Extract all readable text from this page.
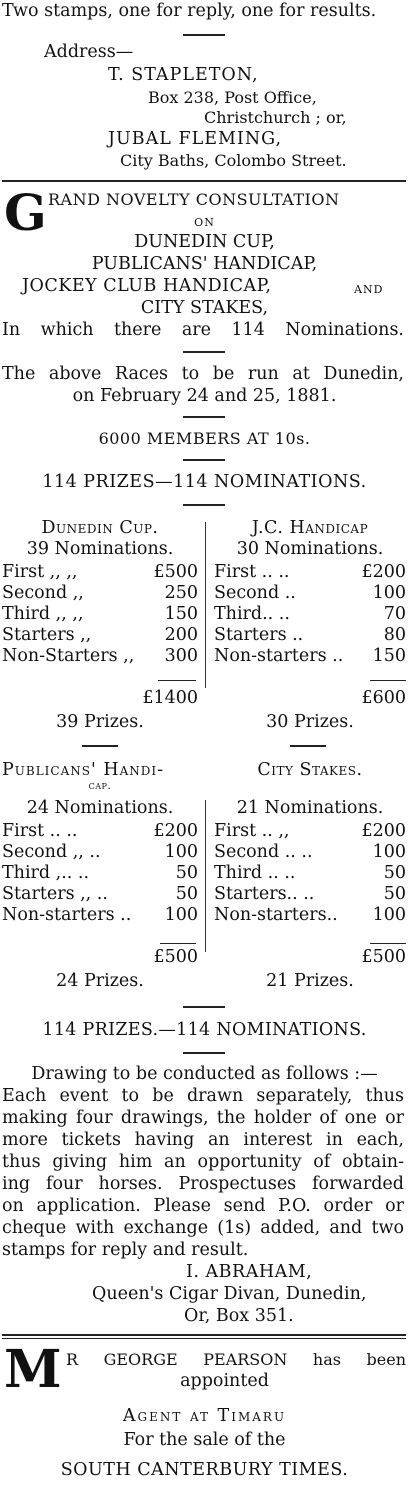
Two stamps, one for reply, one for results.
Address—
T. STAPLETON,
Box 238, Post Office,
Christchurch ; or,
JUBAL FLEMING,
City Baths, Colombo Street.
G RAND NOVELTY CONSULTATION
ON
DUNEDIN CUP,
PUBLICANS' HANDICAP,
JOCKEY CLUB HANDICAP,	AND
CITY STAKES,
In which there are 114 Nominations.
The above Races to be run at Dunedin,
on February 24 and 25, 1881.
6000 MEMBERS AT 10s.
114 PRIZES—114 NOMINATIONS.
Dunedin Cup.
39 Nominations.
First ,, ,,	£500
Second ,,	250
Third ,, ,,	150
Starters ,,	200
Non-Starters ,, 300
£1400
39 Prizes.
J.C. Handicap
30 Nominations.
First .. ..	£200
Second ..	100
Third.. ..	70
Starters ..	80
Non-starters .. 150
£600
30 Prizes.
Publicans' Handi-
cap.
24 Nominations.
First .. ..	£200
Second ,, ..	100
Third ,.. ..	50
Starters ,, ..	50
Non-starters .. 100
£500
24 Prizes.
City Stakes.
21 Nominations.
First .. ,,	£200
Second .. ..	100
Third .. ..	50
Starters.. ..	50
Non-starters.. 100
£500
21 Prizes.
114 PRIZES.—114 NOMINATIONS.
Drawing to be conducted as follows :—
Each event to be drawn separately, thus
making four drawings, the holder of one or
more tickets having an interest in each,
thus giving him an opportunity of obtain-
ing four horses. Prospectuses forwarded
on application. Please send P.O. order or
cheque with exchange (1s) added, and two
stamps for reply and result.
I. ABRAHAM,
Queen's Cigar Divan, Dunedin,
Or, Box 351.
M R GEORGE PEARSON has been
appointed
Agent at Timaru
For the sale of the
SOUTH CANTERBURY TIMES.
